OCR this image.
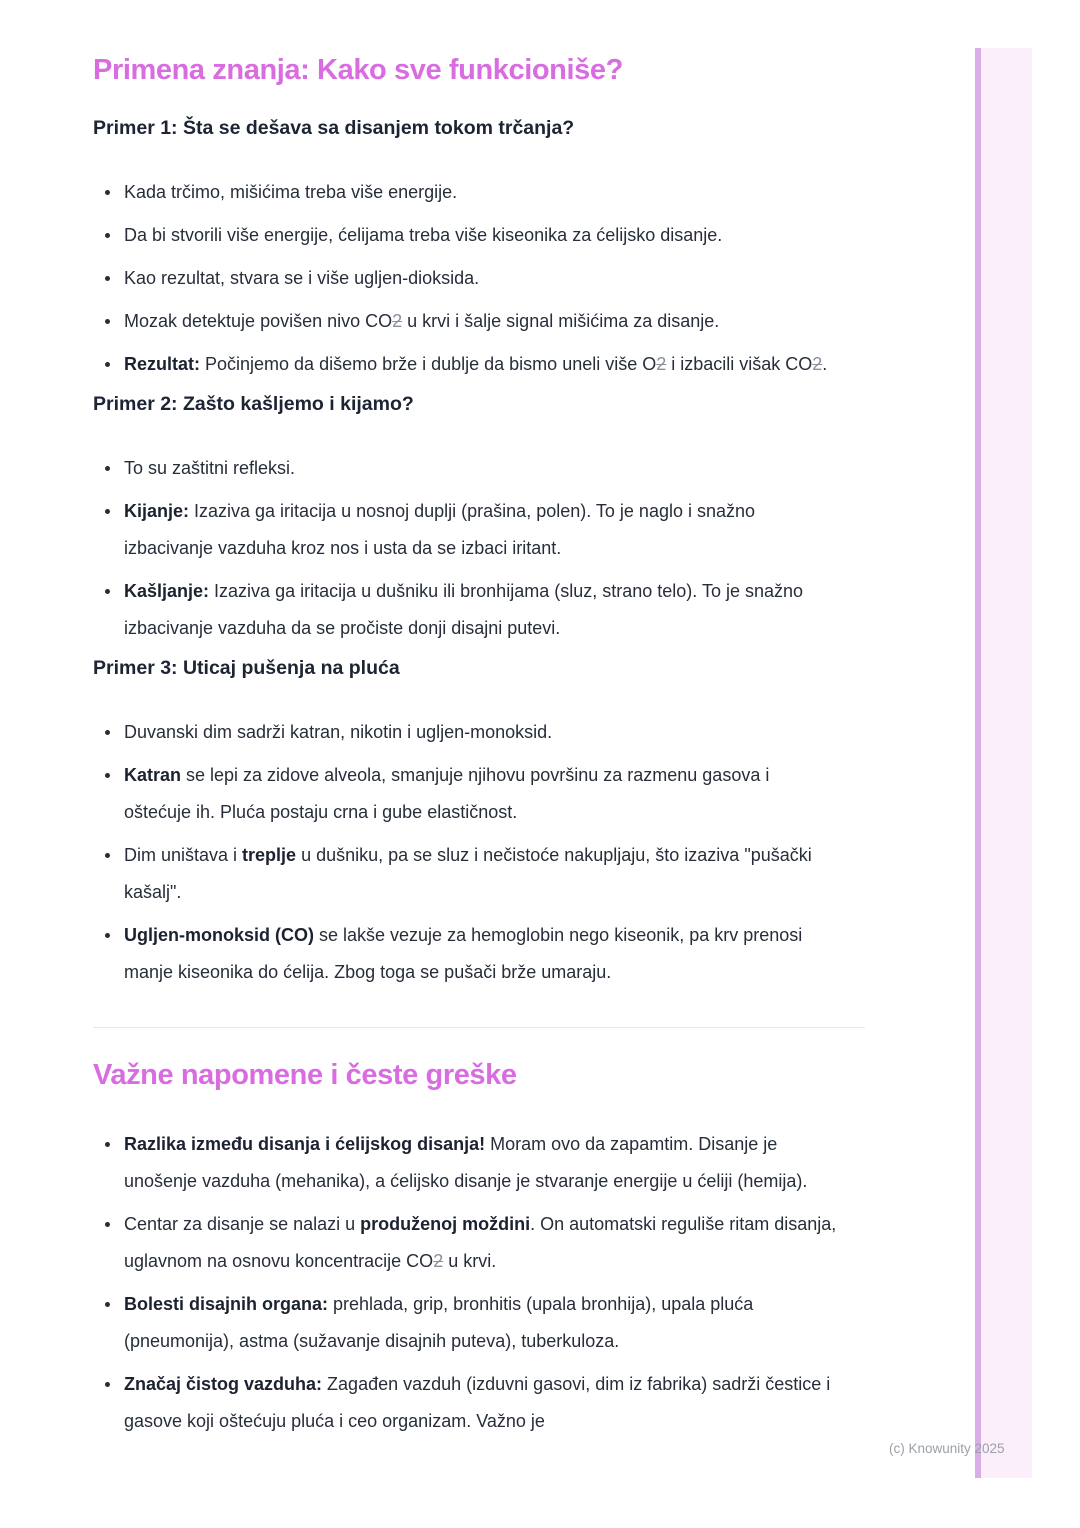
Primena znanja: Kako sve funkcioniše?
Primer 1: Šta se dešava sa disanjem tokom trčanja?
Kada trčimo, mišićima treba više energije.
Da bi stvorili više energije, ćelijama treba više kiseonika za ćelijsko disanje.
Kao rezultat, stvara se i više ugljen-dioksida.
Mozak detektuje povišen nivo CO2 u krvi i šalje signal mišićima za disanje.
Rezultat: Počinjemo da dišemo brže i dublje da bismo uneli više O2 i izbacili višak CO2.
Primer 2: Zašto kašljemo i kijamo?
To su zaštitni refleksi.
Kijanje: Izaziva ga iritacija u nosnoj duplji (prašina, polen). To je naglo i snažno izbacivanje vazduha kroz nos i usta da se izbaci iritant.
Kašljanje: Izaziva ga iritacija u dušniku ili bronhijama (sluz, strano telo). To je snažno izbacivanje vazduha da se pročiste donji disajni putevi.
Primer 3: Uticaj pušenja na pluća
Duvanski dim sadrži katran, nikotin i ugljen-monoksid.
Katran se lepi za zidove alveola, smanjuje njihovu površinu za razmenu gasova i oštećuje ih. Pluća postaju crna i gube elastičnost.
Dim uništava i treplje u dušniku, pa se sluz i nečistoće nakupljaju, što izaziva "pušački kašalj".
Ugljen-monoksid (CO) se lakše vezuje za hemoglobin nego kiseonik, pa krv prenosi manje kiseonika do ćelija. Zbog toga se pušači brže umaraju.
Važne napomene i česte greške
Razlika između disanja i ćelijskog disanja! Moram ovo da zapamtim. Disanje je unošenje vazduha (mehanika), a ćelijsko disanje je stvaranje energije u ćeliji (hemija).
Centar za disanje se nalazi u produženoj moždini. On automatski reguliše ritam disanja, uglavnom na osnovu koncentracije CO2 u krvi.
Bolesti disajnih organa: prehlada, grip, bronhitis (upala bronhija), upala pluća (pneumonija), astma (sužavanje disajnih puteva), tuberkuloza.
Značaj čistog vazduha: Zagađen vazduh (izduvni gasovi, dim iz fabrika) sadrži čestice i gasove koji oštećuju pluća i ceo organizam. Važno je
(c) Knowunity 2025
